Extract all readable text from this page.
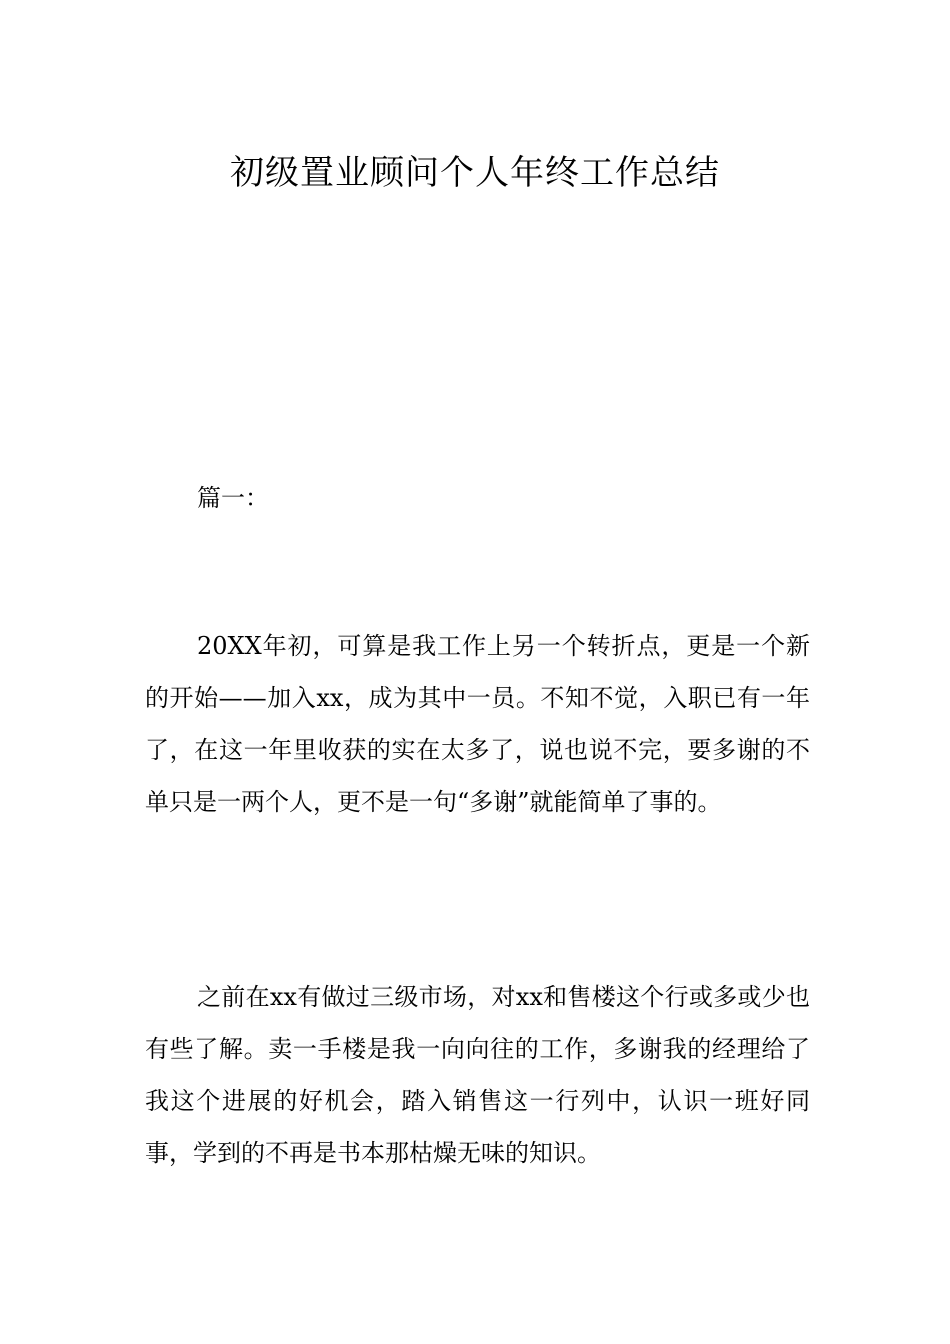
初级置业顾问个人年终工作总结
篇一：

20XX年初，可算是我工作上另一个转折点，更是一个新的开始——加入xx，成为其中一员。不知不觉，入职已有一年了，在这一年里收获的实在太多了，说也说不完，要多谢的不单只是一两个人，更不是一句“多谢”就能简单了事的。

之前在xx有做过三级市场，对xx和售楼这个行或多或少也有些了解。卖一手楼是我一向向往的工作，多谢我的经理给了我这个进展的好机会，踏入销售这一行列中，认识一班好同事，学到的不再是书本那枯燥无味的知识。
